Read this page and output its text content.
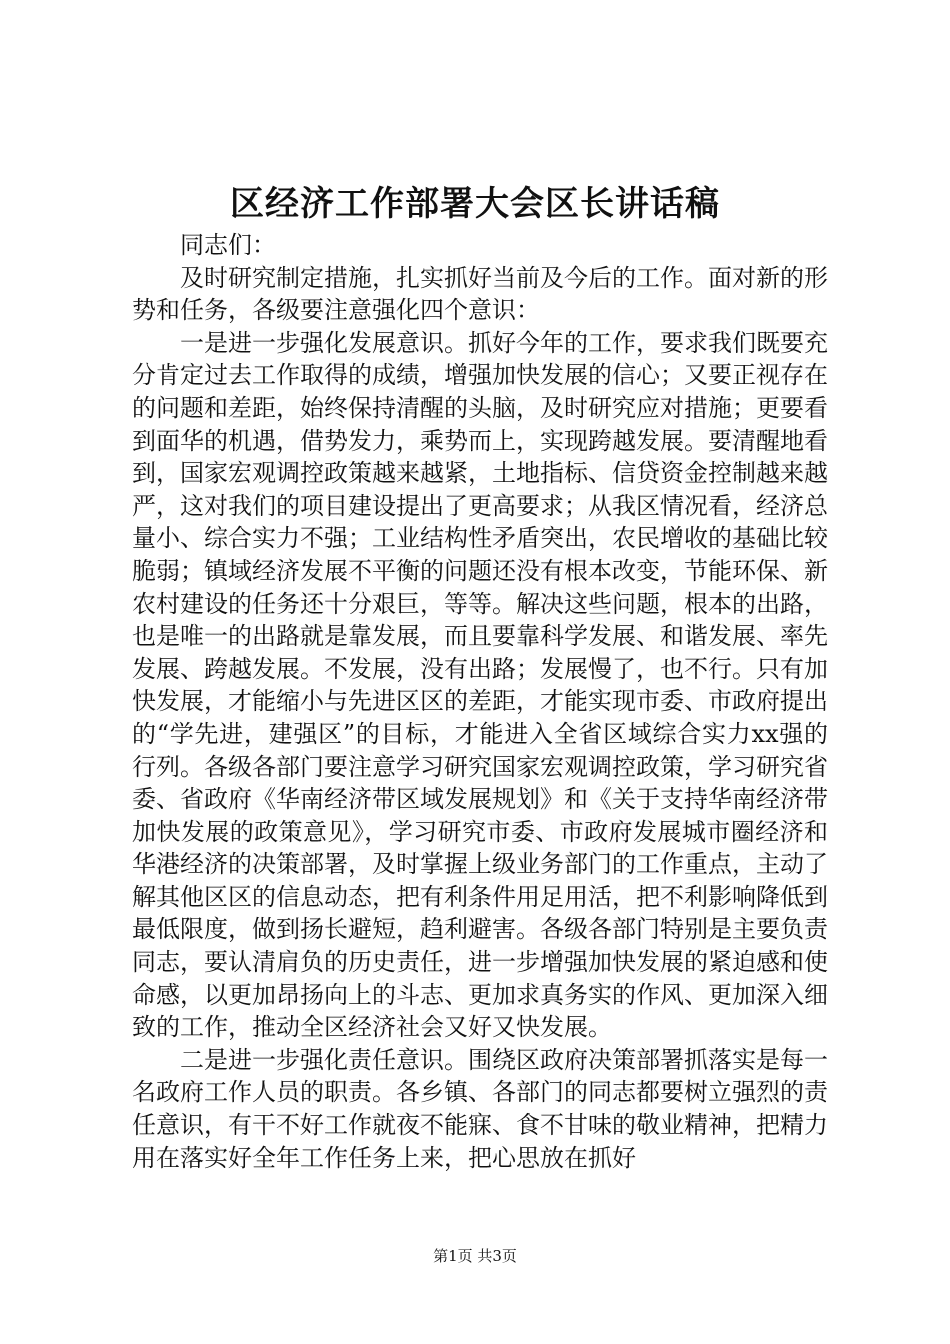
区经济工作部署大会区长讲话稿

同志们：

及时研究制定措施，扎实抓好当前及今后的工作。面对新的形势和任务，各级要注意强化四个意识：

一是进一步强化发展意识。抓好今年的工作，要求我们既要充分肯定过去工作取得的成绩，增强加快发展的信心；又要正视存在的问题和差距，始终保持清醒的头脑，及时研究应对措施；更要看到面华的机遇，借势发力，乘势而上，实现跨越发展。要清醒地看到，国家宏观调控政策越来越紧，土地指标、信贷资金控制越来越严，这对我们的项目建设提出了更高要求；从我区情况看，经济总量小、综合实力不强；工业结构性矛盾突出，农民增收的基础比较脆弱；镇域经济发展不平衡的问题还没有根本改变，节能环保、新农村建设的任务还十分艰巨，等等。解决这些问题，根本的出路，也是唯一的出路就是靠发展，而且要靠科学发展、和谐发展、率先发展、跨越发展。不发展，没有出路；发展慢了，也不行。只有加快发展，才能缩小与先进区区的差距，才能实现市委、市政府提出的“学先进，建强区”的目标，才能进入全省区域综合实力xx强的行列。各级各部门要注意学习研究国家宏观调控政策，学习研究省委、省政府《华南经济带区域发展规划》和《关于支持华南经济带加快发展的政策意见》，学习研究市委、市政府发展城市圈经济和华港经济的决策部署，及时掌握上级业务部门的工作重点，主动了解其他区区的信息动态，把有利条件用足用活，把不利影响降低到最低限度，做到扬长避短，趋利避害。各级各部门特别是主要负责同志，要认清肩负的历史责任，进一步增强加快发展的紧迫感和使命感，以更加昂扬向上的斗志、更加求真务实的作风、更加深入细致的工作，推动全区经济社会又好又快发展。

二是进一步强化责任意识。围绕区政府决策部署抓落实是每一名政府工作人员的职责。各乡镇、各部门的同志都要树立强烈的责任意识，有干不好工作就夜不能寐、食不甘味的敬业精神，把精力用在落实好全年工作任务上来，把心思放在抓好

第1页 共3页
